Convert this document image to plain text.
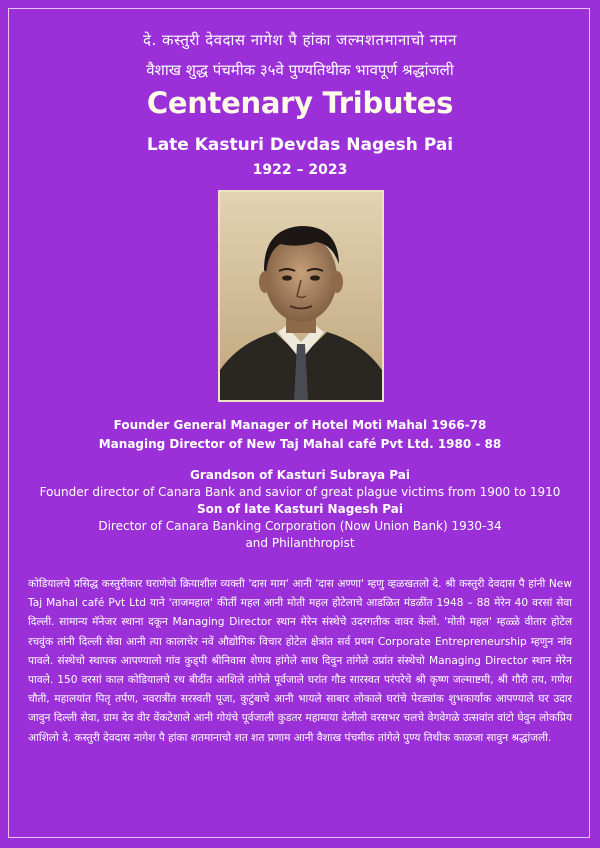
दे. कस्तुरी देवदास नागेश पै हांका जल्मशतमानाचो नमन
वैशाख शुद्ध पंचमीक ३५वे पुण्यतिथीक भावपूर्ण श्रद्धांजली
Centenary Tributes
Late Kasturi Devdas Nagesh Pai
1922 – 2023
Founder General Manager of Hotel Moti Mahal 1966-78
Managing Director of New Taj Mahal café Pvt Ltd. 1980 - 88
Grandson of Kasturi Subraya Pai
Founder director of Canara Bank and savior of great plague victims from 1900 to 1910
Son of late Kasturi Nagesh Pai
Director of Canara Banking Corporation (Now Union Bank) 1930-34
and Philanthropist
कोडियालचे प्रसिद्ध कस्तुरीकार घराणेचो क्रियाशील व्यक्ती 'दास माम' आनी 'दास अण्णा' म्हणु व्हळखतलो दे. श्री कस्तुरी देवदास पै हांनी New Taj Mahal café Pvt Ltd याने 'ताजमहाल' कीर्ती महल आनी मोती महल होटेलाचे आडळित मंडळींत 1948 – 88 मेरेन 40 वरसां सेवा दिल्ली. सामान्य मॅनेजर स्थाना दकून Managing Director स्थान मेरेन संस्थेचे उदरगतीक वावर केलो. 'मोती महल' म्हळ्ळे वीतार होटेल रचवुंक तांनी दिल्ली सेवा आनी त्या कालाचेर नवें औद्योगिक विचार होटेल क्षेत्रांत सर्व प्रथम Corporate Entrepreneurship म्हणुन नांव पावले. संस्थेचो स्थापक आपण्यालो गांव कुड्पी श्रीनिवास शेणय हांगेले साथ दिवुन तांगेले उप्रांत संस्थेचो Managing Director स्थान मेरेन पावले. 150 वरसां काल कोडियालचे रथ बीदींत आशिले तांगेले पूर्वजाले घरांत गौड सारस्वत परंपरेचे श्री कृष्ण जल्माष्टमी, श्री गौरी तय, गणेश चौती, महालयांत पितृ तर्पण, नवरात्रींत सरस्वती पूजा, कुटुंबाचे आनी भायले साबार लोकाले घरांचे पेरड्यांक शुभकार्याक आपण्याले घर उदार जावुन दिल्ली सेवा, ग्राम देव वीर वेंकटेशाले आनी गोयंचे पूर्वजाली कुडतर महामाया देलीलो वरसभर चलचे वेगवेगळे उत्सवांत वांटो घेवुन लोकप्रिय आशिलो दे. कस्तुरी देवदास नागेश पै हांका शतमानाचो शत शत प्रणाम आनी वैशाख पंचमीक तांगेले पुण्य तिथीक काळजा सावुन श्रद्धांजली.
